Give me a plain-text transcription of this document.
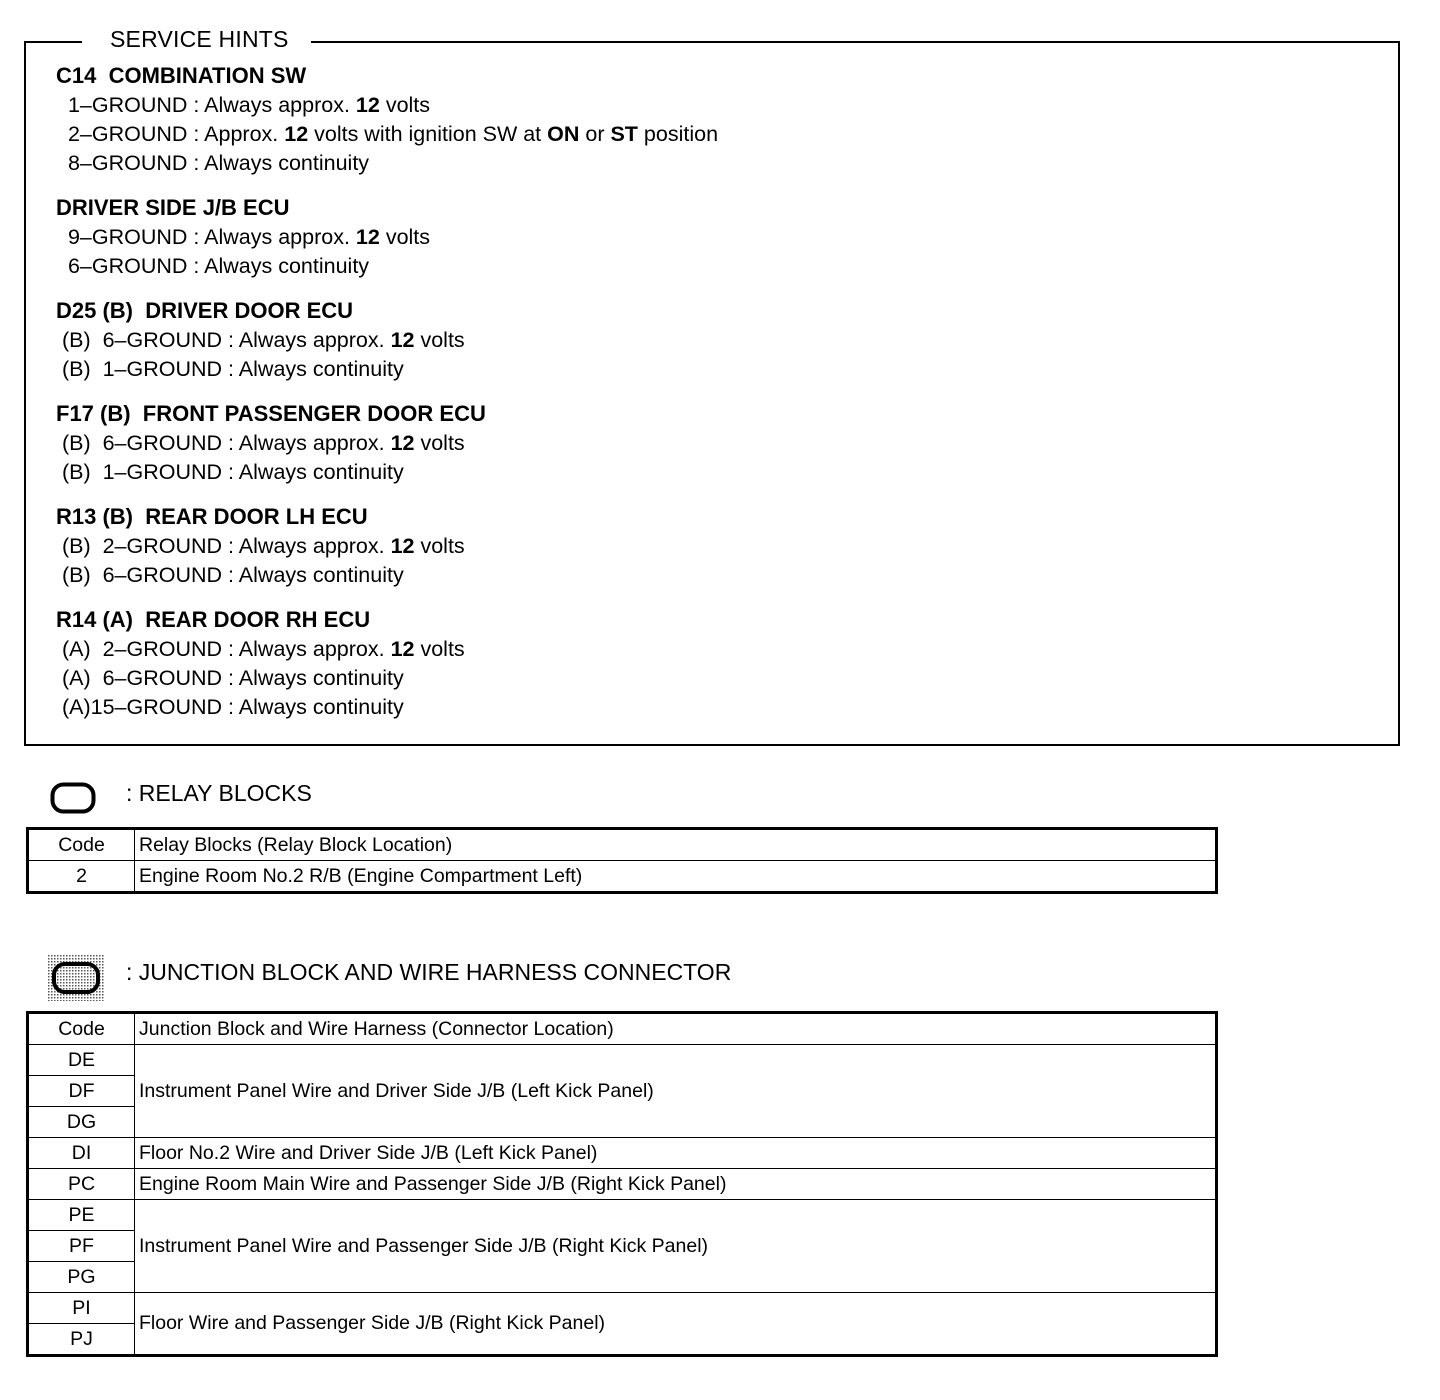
SERVICE HINTS
C14  COMBINATION SW
1–GROUND : Always approx. 12 volts
2–GROUND : Approx. 12 volts with ignition SW at ON or ST position
8–GROUND : Always continuity
DRIVER SIDE J/B ECU
9–GROUND : Always approx. 12 volts
6–GROUND : Always continuity
D25 (B)  DRIVER DOOR ECU
(B)  6–GROUND : Always approx. 12 volts
(B)  1–GROUND : Always continuity
F17 (B)  FRONT PASSENGER DOOR ECU
(B)  6–GROUND : Always approx. 12 volts
(B)  1–GROUND : Always continuity
R13 (B)  REAR DOOR LH ECU
(B)  2–GROUND : Always approx. 12 volts
(B)  6–GROUND : Always continuity
R14 (A)  REAR DOOR RH ECU
(A)  2–GROUND : Always approx. 12 volts
(A)  6–GROUND : Always continuity
(A)15–GROUND : Always continuity
: RELAY BLOCKS
Code	Relay Blocks (Relay Block Location)
2	Engine Room No.2 R/B (Engine Compartment Left)
: JUNCTION BLOCK AND WIRE HARNESS CONNECTOR
Code	Junction Block and Wire Harness (Connector Location)
DE	Instrument Panel Wire and Driver Side J/B (Left Kick Panel)
DF	
DG	
DI	Floor No.2 Wire and Driver Side J/B (Left Kick Panel)
PC	Engine Room Main Wire and Passenger Side J/B (Right Kick Panel)
PE	Instrument Panel Wire and Passenger Side J/B (Right Kick Panel)
PF	
PG	
PI	Floor Wire and Passenger Side J/B (Right Kick Panel)
PJ	
